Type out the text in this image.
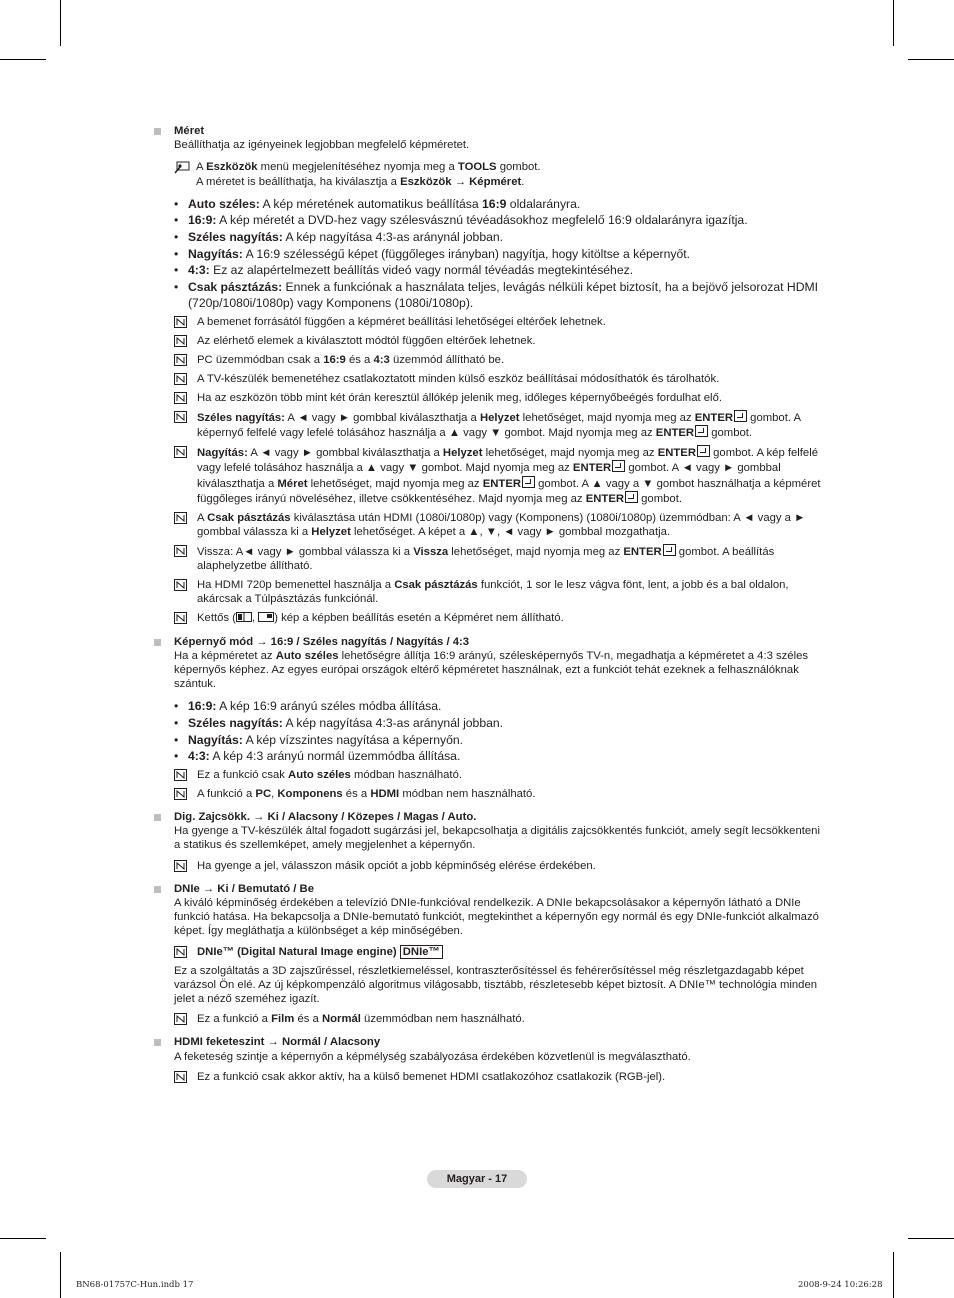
Méret
Beállíthatja az igényeinek legjobban megfelelő képméretet.
A Eszközök menü megjelenítéséhez nyomja meg a TOOLS gombot.
A méretet is beállíthatja, ha kiválasztja a Eszközök → Képméret.
• Auto széles: A kép méretének automatikus beállítása 16:9 oldalarányra.
• 16:9: A kép méretét a DVD-hez vagy szélesvásznú tévéadásokhoz megfelelő 16:9 oldalarányra igazítja.
• Széles nagyítás: A kép nagyítása 4:3-as aránynál jobban.
• Nagyítás: A 16:9 szélességű képet (függőleges irányban) nagyítja, hogy kitöltse a képernyőt.
• 4:3: Ez az alapértelmezett beállítás videó vagy normál tévéadás megtekintéséhez.
• Csak pásztázás: Ennek a funkciónak a használata teljes, levágás nélküli képet biztosít, ha a bejövő jelsorozat HDMI (720p/1080i/1080p) vagy Komponens (1080i/1080p).
A bemenet forrásától függően a képméret beállítási lehetőségei eltérőek lehetnek.
Az elérhető elemek a kiválasztott módtól függően eltérőek lehetnek.
PC üzemmódban csak a 16:9 és a 4:3 üzemmód állítható be.
A TV-készülék bemenetéhez csatlakoztatott minden külső eszköz beállításai módosíthatók és tárolhatók.
Ha az eszközön több mint két órán keresztül állókép jelenik meg, időleges képernyőbeégés fordulhat elő.
Széles nagyítás: A ◄ vagy ► gombbal kiválaszthatja a Helyzet lehetőséget, majd nyomja meg az ENTER gombot. A képernyő felfelé vagy lefelé tolásához használja a ▲ vagy ▼ gombot. Majd nyomja meg az ENTER gombot.
Nagyítás: A ◄ vagy ► gombbal kiválaszthatja a Helyzet lehetőséget, majd nyomja meg az ENTER gombot. A kép felfelé vagy lefelé tolásához használja a ▲ vagy ▼ gombot. Majd nyomja meg az ENTER gombot. A ◄ vagy ► gombbal kiválaszthatja a Méret lehetőséget, majd nyomja meg az ENTER gombot. A ▲ vagy a ▼ gombot használhatja a képméret függőleges irányú növeléséhez, illetve csökkentéséhez. Majd nyomja meg az ENTER gombot.
A Csak pásztázás kiválasztása után HDMI (1080i/1080p) vagy (Komponens) (1080i/1080p) üzemmódban: A ◄ vagy a ► gombbal válassza ki a Helyzet lehetőséget. A képet a ▲, ▼, ◄ vagy ► gombbal mozgathatja.
Vissza: A◄ vagy ► gombbal válassza ki a Vissza lehetőséget, majd nyomja meg az ENTER gombot. A beállítás alaphelyzetbe állítható.
Ha HDMI 720p bemenettel használja a Csak pásztázás funkciót, 1 sor le lesz vágva fönt, lent, a jobb és a bal oldalon, akárcsak a Túlpásztázás funkciónál.
Kettős ( , ) kép a képben beállítás esetén a Képméret nem állítható.
Képernyő mód → 16:9 / Széles nagyítás / Nagyítás / 4:3
Ha a képméretet az Auto széles lehetőségre állítja 16:9 arányú, szélesképernyős TV-n, megadhatja a képméretet a 4:3 széles képernyős képhez. Az egyes európai országok eltérő képméretet használnak, ezt a funkciót tehát ezeknek a felhasználóknak szántuk.
• 16:9: A kép 16:9 arányú széles módba állítása.
• Széles nagyítás: A kép nagyítása 4:3-as aránynál jobban.
• Nagyítás: A kép vízszintes nagyítása a képernyőn.
• 4:3: A kép 4:3 arányú normál üzemmódba állítása.
Ez a funkció csak Auto széles módban használható.
A funkció a PC, Komponens és a HDMI módban nem használható.
Dig. Zajcsökk. → Ki / Alacsony / Közepes / Magas / Auto.
Ha gyenge a TV-készülék által fogadott sugárzási jel, bekapcsolhatja a digitális zajcsökkentés funkciót, amely segít lecsökkenteni a statikus és szellemképet, amely megjelenhet a képernyőn.
Ha gyenge a jel, válasszon másik opciót a jobb képminőség elérése érdekében.
DNIe → Ki / Bemutató / Be
A kiváló képminőség érdekében a televízió DNIe-funkcióval rendelkezik. A DNIe bekapcsolásakor a képernyőn látható a DNIe funkció hatása. Ha bekapcsolja a DNIe-bemutató funkciót, megtekinthet a képernyőn egy normál és egy DNIe-funkciót alkalmazó képet. Így megláthatja a különbséget a kép minőségében.
DNIe™ (Digital Natural Image engine) DNIe™
Ez a szolgáltatás a 3D zajszűréssel, részletkiemeléssel, kontraszterősítéssel és fehérerősítéssel még részletgazdagabb képet varázsol Ön elé. Az új képkompenzáló algoritmus világosabb, tisztább, részletesebb képet biztosít. A DNIe™ technológia minden jelet a néző szeméhez igazít.
Ez a funkció a Film és a Normál üzemmódban nem használható.
HDMI feketeszint → Normál / Alacsony
A feketeség szintje a képernyőn a képmélység szabályozása érdekében közvetlenül is megválasztható.
Ez a funkció csak akkor aktív, ha a külső bemenet HDMI csatlakozóhoz csatlakozik (RGB-jel).
Magyar - 17
BN68-01757C-Hun.indb 17	2008-9-24 10:26:28
